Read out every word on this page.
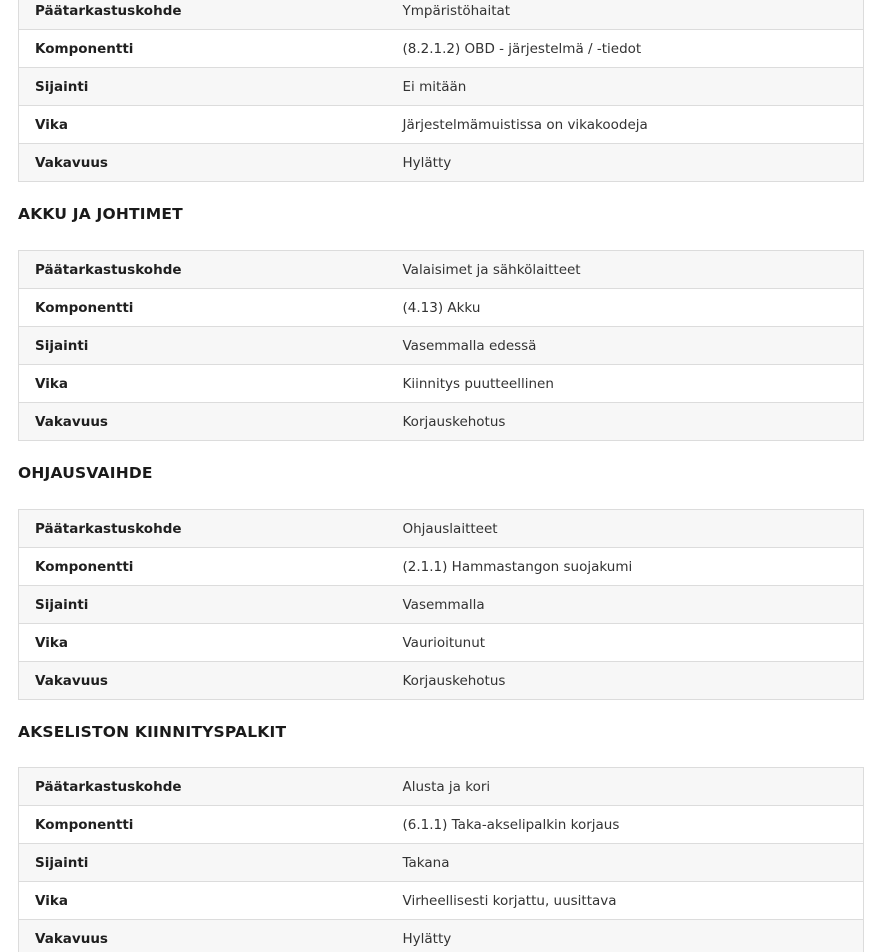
Päätarkastuskohde	Ympäristöhaitat
Komponentti	(8.2.1.2) OBD - järjestelmä / -tiedot
Sijainti	Ei mitään
Vika	Järjestelmämuistissa on vikakoodeja
Vakavuus	Hylätty
AKKU JA JOHTIMET
Päätarkastuskohde	Valaisimet ja sähkölaitteet
Komponentti	(4.13) Akku
Sijainti	Vasemmalla edessä
Vika	Kiinnitys puutteellinen
Vakavuus	Korjauskehotus
OHJAUSVAIHDE
Päätarkastuskohde	Ohjauslaitteet
Komponentti	(2.1.1) Hammastangon suojakumi
Sijainti	Vasemmalla
Vika	Vaurioitunut
Vakavuus	Korjauskehotus
AKSELISTON KIINNITYSPALKIT
Päätarkastuskohde	Alusta ja kori
Komponentti	(6.1.1) Taka-akselipalkin korjaus
Sijainti	Takana
Vika	Virheellisesti korjattu, uusittava
Vakavuus	Hylätty
